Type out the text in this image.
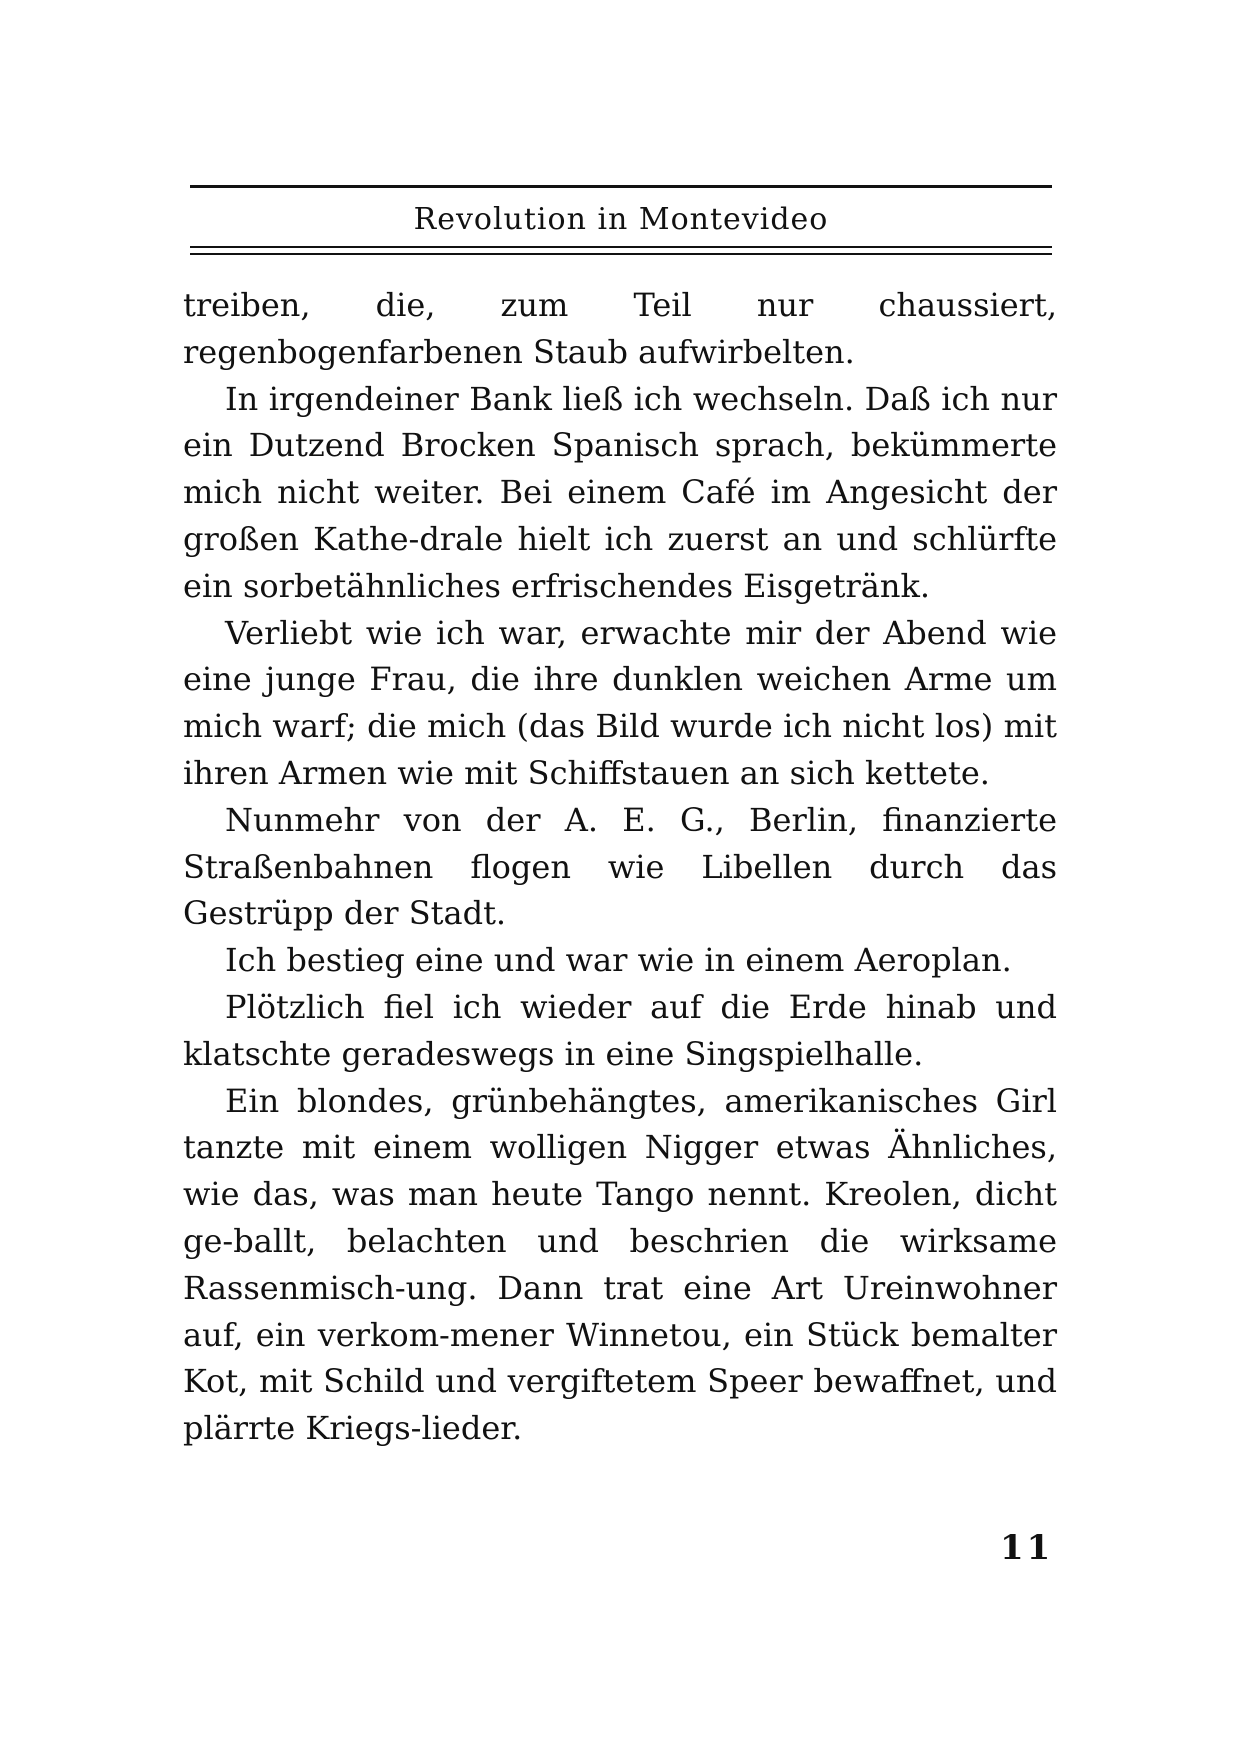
Revolution in Montevideo

treiben, die, zum Teil nur chaussiert, regenbogenfarbenen Staub aufwirbelten.

In irgendeiner Bank ließ ich wechseln. Daß ich nur ein Dutzend Brocken Spanisch sprach, bekümmerte mich nicht weiter. Bei einem Café im Angesicht der großen Kathe-drale hielt ich zuerst an und schlürfte ein sorbetähnliches erfrischendes Eisgetränk.

Verliebt wie ich war, erwachte mir der Abend wie eine junge Frau, die ihre dunklen weichen Arme um mich warf; die mich (das Bild wurde ich nicht los) mit ihren Armen wie mit Schiffstauen an sich kettete.

Nunmehr von der A. E. G., Berlin, finanzierte Straßenbahnen flogen wie Libellen durch das Gestrüpp der Stadt.

Ich bestieg eine und war wie in einem Aeroplan.

Plötzlich fiel ich wieder auf die Erde hinab und klatschte geradeswegs in eine Singspielhalle.

Ein blondes, grünbehängtes, amerikanisches Girl tanzte mit einem wolligen Nigger etwas Ähnliches, wie das, was man heute Tango nennt. Kreolen, dicht ge-ballt, belachten und beschrien die wirksame Rassenmisch-ung. Dann trat eine Art Ureinwohner auf, ein verkom-mener Winnetou, ein Stück bemalter Kot, mit Schild und vergiftetem Speer bewaffnet, und plärrte Kriegs-lieder.

11
